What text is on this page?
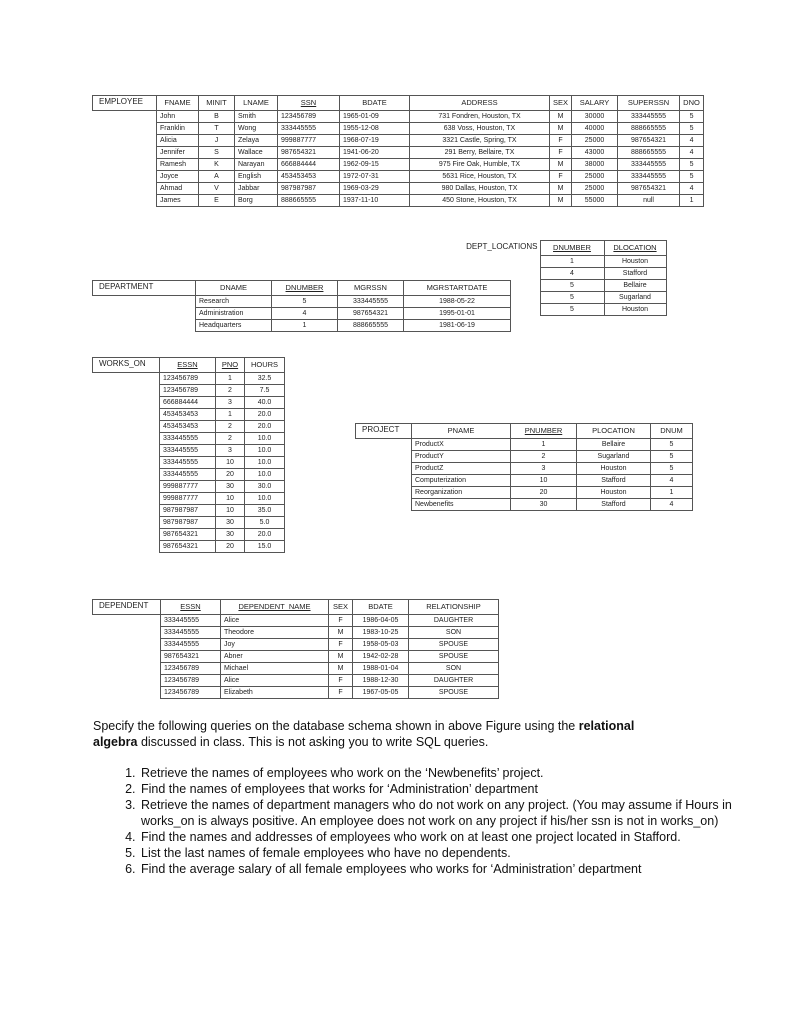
EMPLOYEE	FNAME	MINIT	LNAME	SSN	BDATE	ADDRESS	SEX	SALARY	SUPERSSN	DNO
	John	B	Smith	123456789	1965-01-09	731 Fondren, Houston, TX	M	30000	333445555	5
	Franklin	T	Wong	333445555	1955-12-08	638 Voss, Houston, TX	M	40000	888665555	5
	Alicia	J	Zelaya	999887777	1968-07-19	3321 Castle, Spring, TX	F	25000	987654321	4
	Jennifer	S	Wallace	987654321	1941-06-20	291 Berry, Bellaire, TX	F	43000	888665555	4
	Ramesh	K	Narayan	666884444	1962-09-15	975 Fire Oak, Humble, TX	M	38000	333445555	5
	Joyce	A	English	453453453	1972-07-31	5631 Rice, Houston, TX	F	25000	333445555	5
	Ahmad	V	Jabbar	987987987	1969-03-29	980 Dallas, Houston, TX	M	25000	987654321	4
	James	E	Borg	888665555	1937-11-10	450 Stone, Houston, TX	M	55000	null	1
DEPT_LOCATIONS	DNUMBER	DLOCATION
	1	Houston
	4	Stafford
	5	Bellaire
	5	Sugarland
	5	Houston
DEPARTMENT	DNAME	DNUMBER	MGRSSN	MGRSTARTDATE
	Research	5	333445555	1988-05-22
	Administration	4	987654321	1995-01-01
	Headquarters	1	888665555	1981-06-19
WORKS_ON	ESSN	PNO	HOURS
	123456789	1	32.5
	123456789	2	7.5
	666884444	3	40.0
	453453453	1	20.0
	453453453	2	20.0
	333445555	2	10.0
	333445555	3	10.0
	333445555	10	10.0
	333445555	20	10.0
	999887777	30	30.0
	999887777	10	10.0
	987987987	10	35.0
	987987987	30	5.0
	987654321	30	20.0
	987654321	20	15.0
PROJECT	PNAME	PNUMBER	PLOCATION	DNUM
	ProductX	1	Bellaire	5
	ProductY	2	Sugarland	5
	ProductZ	3	Houston	5
	Computerization	10	Stafford	4
	Reorganization	20	Houston	1
	Newbenefits	30	Stafford	4
DEPENDENT	ESSN	DEPENDENT_NAME	SEX	BDATE	RELATIONSHIP
	333445555	Alice	F	1986-04-05	DAUGHTER
	333445555	Theodore	M	1983-10-25	SON
	333445555	Joy	F	1958-05-03	SPOUSE
	987654321	Abner	M	1942-02-28	SPOUSE
	123456789	Michael	M	1988-01-04	SON
	123456789	Alice	F	1988-12-30	DAUGHTER
	123456789	Elizabeth	F	1967-05-05	SPOUSE
Specify the following queries on the database schema shown in above Figure using the relational
algebra discussed in class. This is not asking you to write SQL queries.
1. Retrieve the names of employees who work on the ‘Newbenefits’ project.
2. Find the names of employees that works for ‘Administration’ department
3. Retrieve the names of department managers who do not work on any project. (You may assume if Hours in works_on is always positive. An employee does not work on any project if his/her ssn is not in works_on)
4. Find the names and addresses of employees who work on at least one project located in Stafford.
5. List the last names of female employees who have no dependents.
6. Find the average salary of all female employees who works for ‘Administration’ department
